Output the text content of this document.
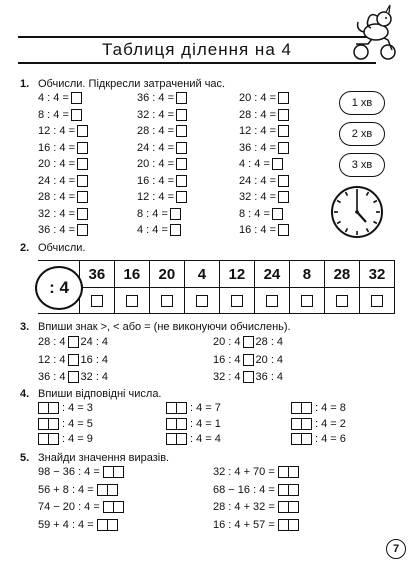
Таблиця ділення на 4
1. Обчисли. Підкресли затрачений час.
4 : 4 =
8 : 4 =
12 : 4 =
16 : 4 =
20 : 4 =
24 : 4 =
28 : 4 =
32 : 4 =
36 : 4 =
36 : 4 =
32 : 4 =
28 : 4 =
24 : 4 =
20 : 4 =
16 : 4 =
12 : 4 =
8 : 4 =
4 : 4 =
20 : 4 =
28 : 4 =
12 : 4 =
36 : 4 =
4 : 4 =
24 : 4 =
32 : 4 =
8 : 4 =
16 : 4 =
1 хв
2 хв
3 хв
2. Обчисли.
36	16	20	4	12	24	8	28	32
: 4
3. Впиши знак >, < або = (не виконуючи обчислень).
28 : 4 24 : 4
12 : 4 16 : 4
36 : 4 32 : 4
20 : 4 28 : 4
16 : 4 20 : 4
32 : 4 36 : 4
4. Впиши відповідні числа.
: 4 = 3
: 4 = 5
: 4 = 9
: 4 = 7
: 4 = 1
: 4 = 4
: 4 = 8
: 4 = 2
: 4 = 6
5. Знайди значення виразів.
98 − 36 : 4 =
56 + 8 : 4 =
74 − 20 : 4 =
59 + 4 : 4 =
32 : 4 + 70 =
68 − 16 : 4 =
28 : 4 + 32 =
16 : 4 + 57 =
7
